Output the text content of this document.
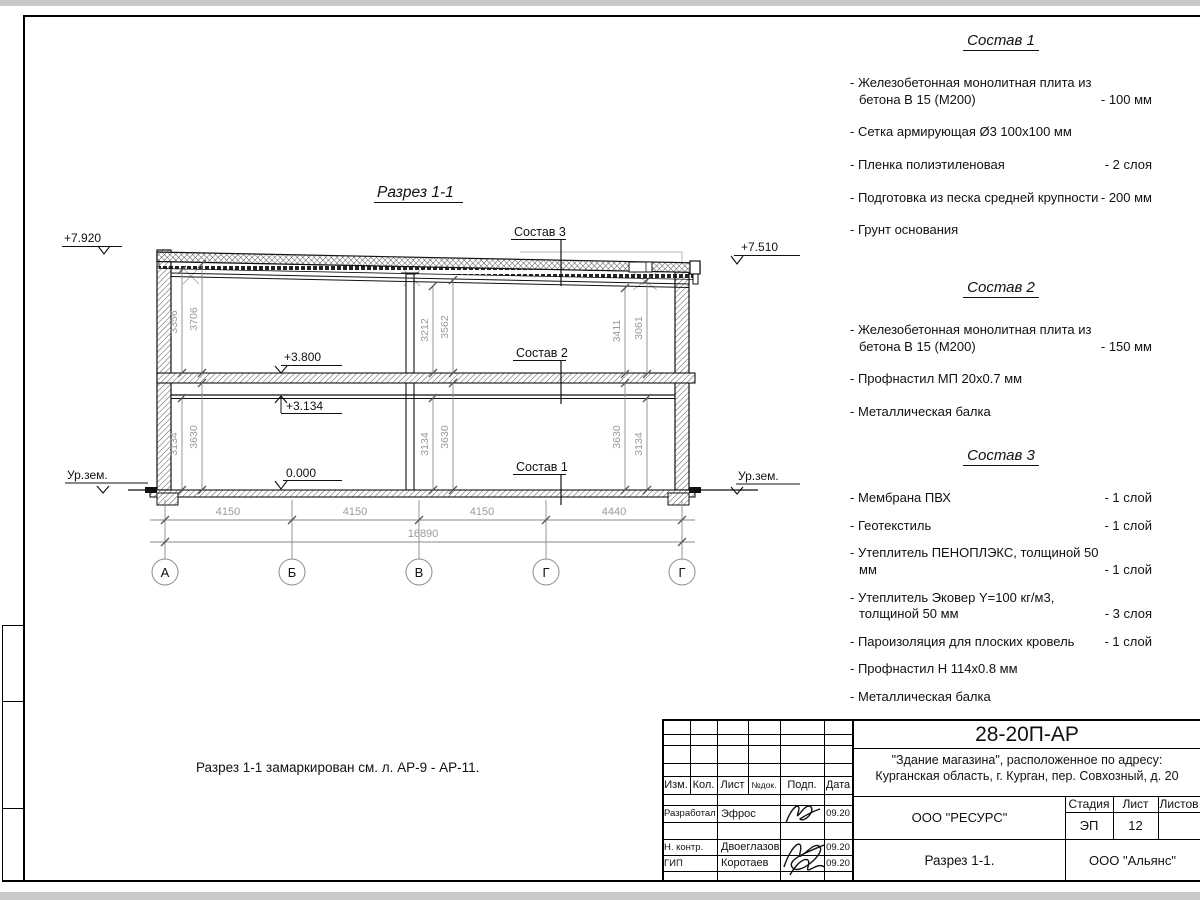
3356 3706	3212 3562	3411 3061
3134 3630	3134 3630	3630 3134
4150	4150	4150	4440
16890
А	Б	В	Г	Г
+7.920
+7.510
+3.800
+3.134
0.000
Ур.зем.	Ур.зем.
Состав 3
Состав 2
Состав 1
Разрез 1-1
Состав 1
- Железобетонная монолитная плита из бетона В 15 (М200)	- 100 мм
- Сетка армирующая Ø3 100х100 мм
- Пленка полиэтиленовая	- 2 слоя
- Подготовка из песка средней крупности - 200 мм
- Грунт основания
Состав 2
- Железобетонная монолитная плита из бетона В 15 (М200)	- 150 мм
- Профнастил МП 20х0.7 мм
- Металлическая балка
Состав 3
- Мембрана ПВХ	- 1 слой
- Геотекстиль	- 1 слой
- Утеплитель ПЕНОПЛЭКС, толщиной 50 мм	- 1 слой
- Утеплитель Эковер Y=100 кг/м3, толщиной 50 мм	- 3 слоя
- Пароизоляция для плоских кровель	- 1 слой
- Профнастил Н 114х0.8 мм
- Металлическая балка
Разрез 1-1 замаркирован см. л. АР-9 - АР-11.
Изм. Кол. Лист №док. Подп. Дата
Разработал Эфрос	09.20
Н. контр.	Двоеглазов	09.20
ГИП	Коротаев	09.20
28-20П-АР
"Здание магазина", расположенное по адресу:
Курганская область, г. Курган, пер. Совхозный, д. 20
ООО "РЕСУРС"
Стадия	Лист Листов
ЭП	12
Разрез 1-1.	ООО "Альянс"
